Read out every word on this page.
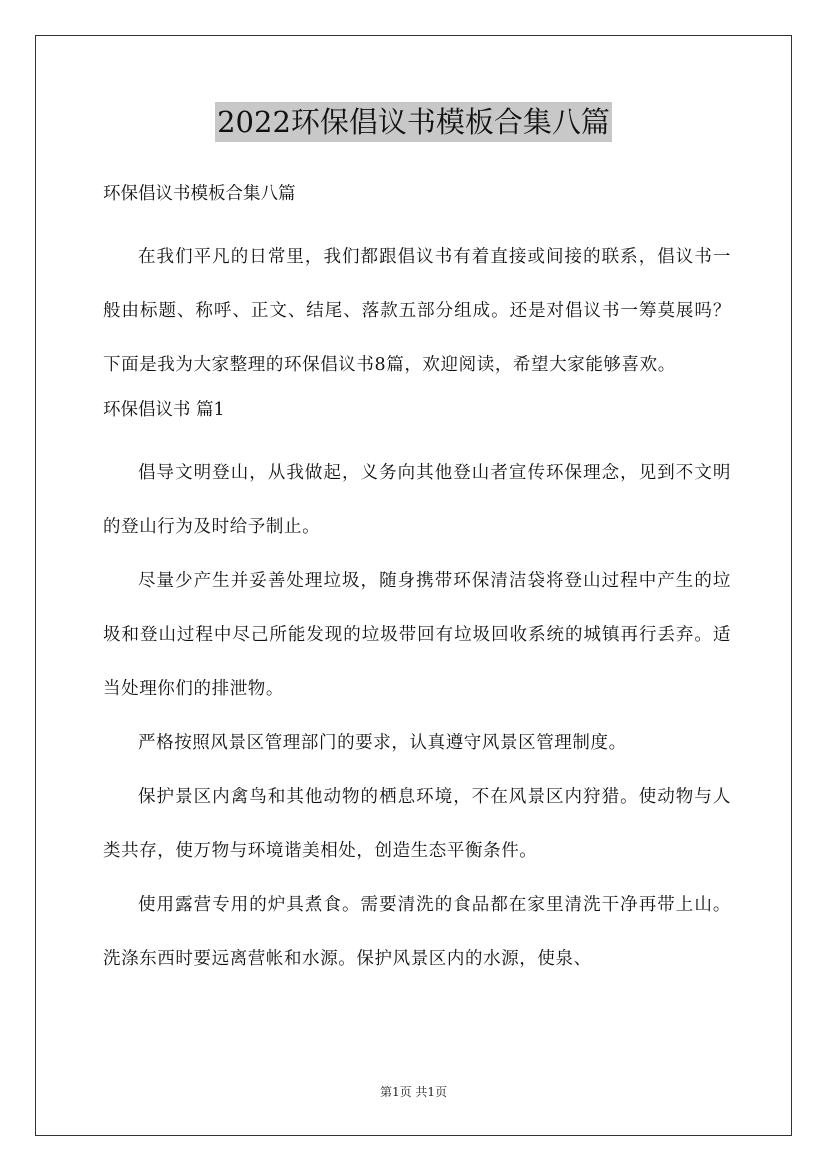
2022环保倡议书模板合集八篇
环保倡议书模板合集八篇

在我们平凡的日常里，我们都跟倡议书有着直接或间接的联系，倡议书一般由标题、称呼、正文、结尾、落款五部分组成。还是对倡议书一筹莫展吗？下面是我为大家整理的环保倡议书8篇，欢迎阅读，希望大家能够喜欢。

环保倡议书 篇1

倡导文明登山，从我做起，义务向其他登山者宣传环保理念，见到不文明的登山行为及时给予制止。

尽量少产生并妥善处理垃圾，随身携带环保清洁袋将登山过程中产生的垃圾和登山过程中尽己所能发现的垃圾带回有垃圾回收系统的城镇再行丢弃。适当处理你们的排泄物。

严格按照风景区管理部门的要求，认真遵守风景区管理制度。

保护景区内禽鸟和其他动物的栖息环境，不在风景区内狩猎。使动物与人类共存，使万物与环境谐美相处，创造生态平衡条件。

使用露营专用的炉具煮食。需要清洗的食品都在家里清洗干净再带上山。洗涤东西时要远离营帐和水源。保护风景区内的水源，使泉、

第1页 共1页
